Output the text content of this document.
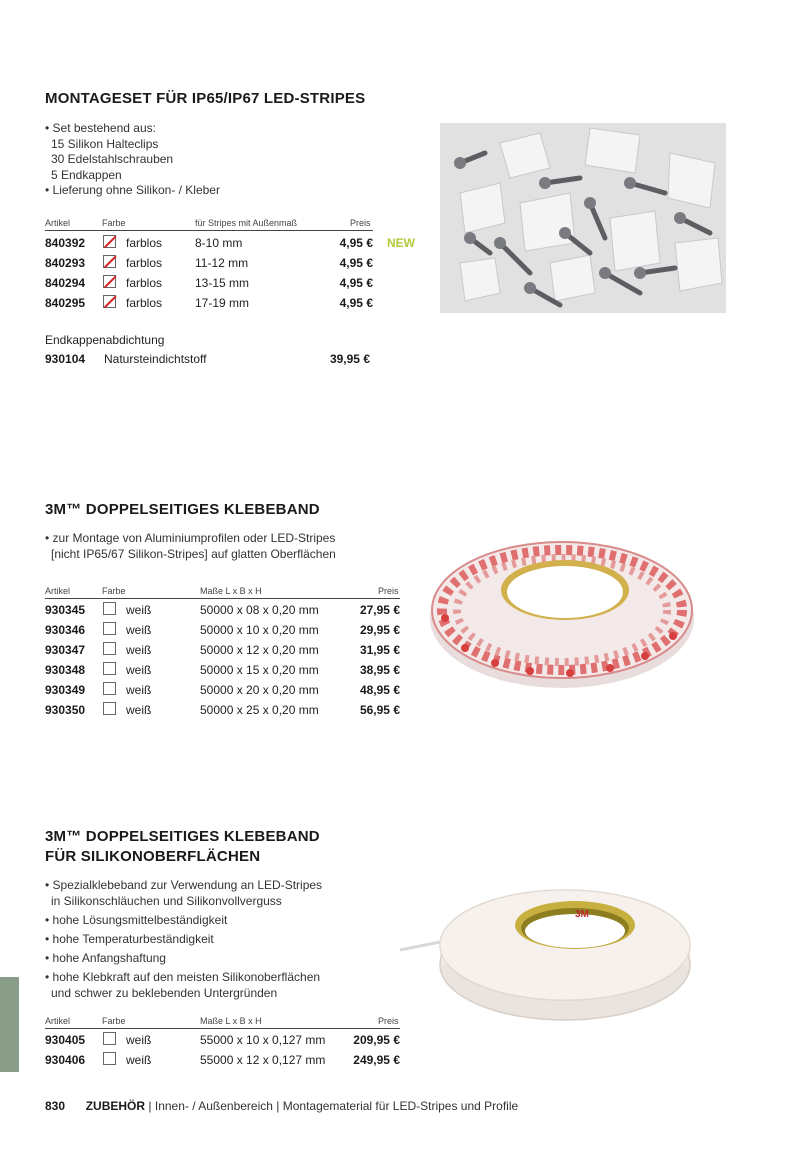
MONTAGESET FÜR IP65/IP67 LED-STRIPES
• Set bestehend aus:
15 Silikon Halteclips
30 Edelstahlschrauben
5 Endkappen
• Lieferung ohne Silikon- / Kleber
Artikel	Farbe	für Stripes mit Außenmaß	Preis
840392	farblos	8-10 mm	4,95 € NEW
840293	farblos	11-12 mm	4,95 €
840294	farblos	13-15 mm	4,95 €
840295	farblos	17-19 mm	4,95 €
Endkappenabdichtung
930104 Natursteindichtstoff	39,95 €
3M™ DOPPELSEITIGES KLEBEBAND
• zur Montage von Aluminiumprofilen oder LED-Stripes
[nicht IP65/67 Silikon-Stripes] auf glatten Oberflächen
Artikel	Farbe	Maße L x B x H	Preis
930345	weiß	50000 x 08 x 0,20 mm	27,95 €
930346	weiß	50000 x 10 x 0,20 mm	29,95 €
930347	weiß	50000 x 12 x 0,20 mm	31,95 €
930348	weiß	50000 x 15 x 0,20 mm	38,95 €
930349	weiß	50000 x 20 x 0,20 mm	48,95 €
930350	weiß	50000 x 25 x 0,20 mm	56,95 €
3M™ DOPPELSEITIGES KLEBEBAND
FÜR SILIKONOBERFLÄCHEN
• Spezialklebeband zur Verwendung an LED-Stripes
in Silikonschläuchen und Silikonvollverguss
• hohe Lösungsmittelbeständigkeit
• hohe Temperaturbeständigkeit
• hohe Anfangshaftung
• hohe Klebkraft auf den meisten Silikonoberflächen
und schwer zu beklebenden Untergründen
Artikel	Farbe	Maße L x B x H	Preis
930405	weiß	55000 x 10 x 0,127 mm	209,95 €
930406	weiß	55000 x 12 x 0,127 mm	249,95 €
3M
830 ZUBEHÖR | Innen- / Außenbereich | Montagematerial für LED-Stripes und Profile
